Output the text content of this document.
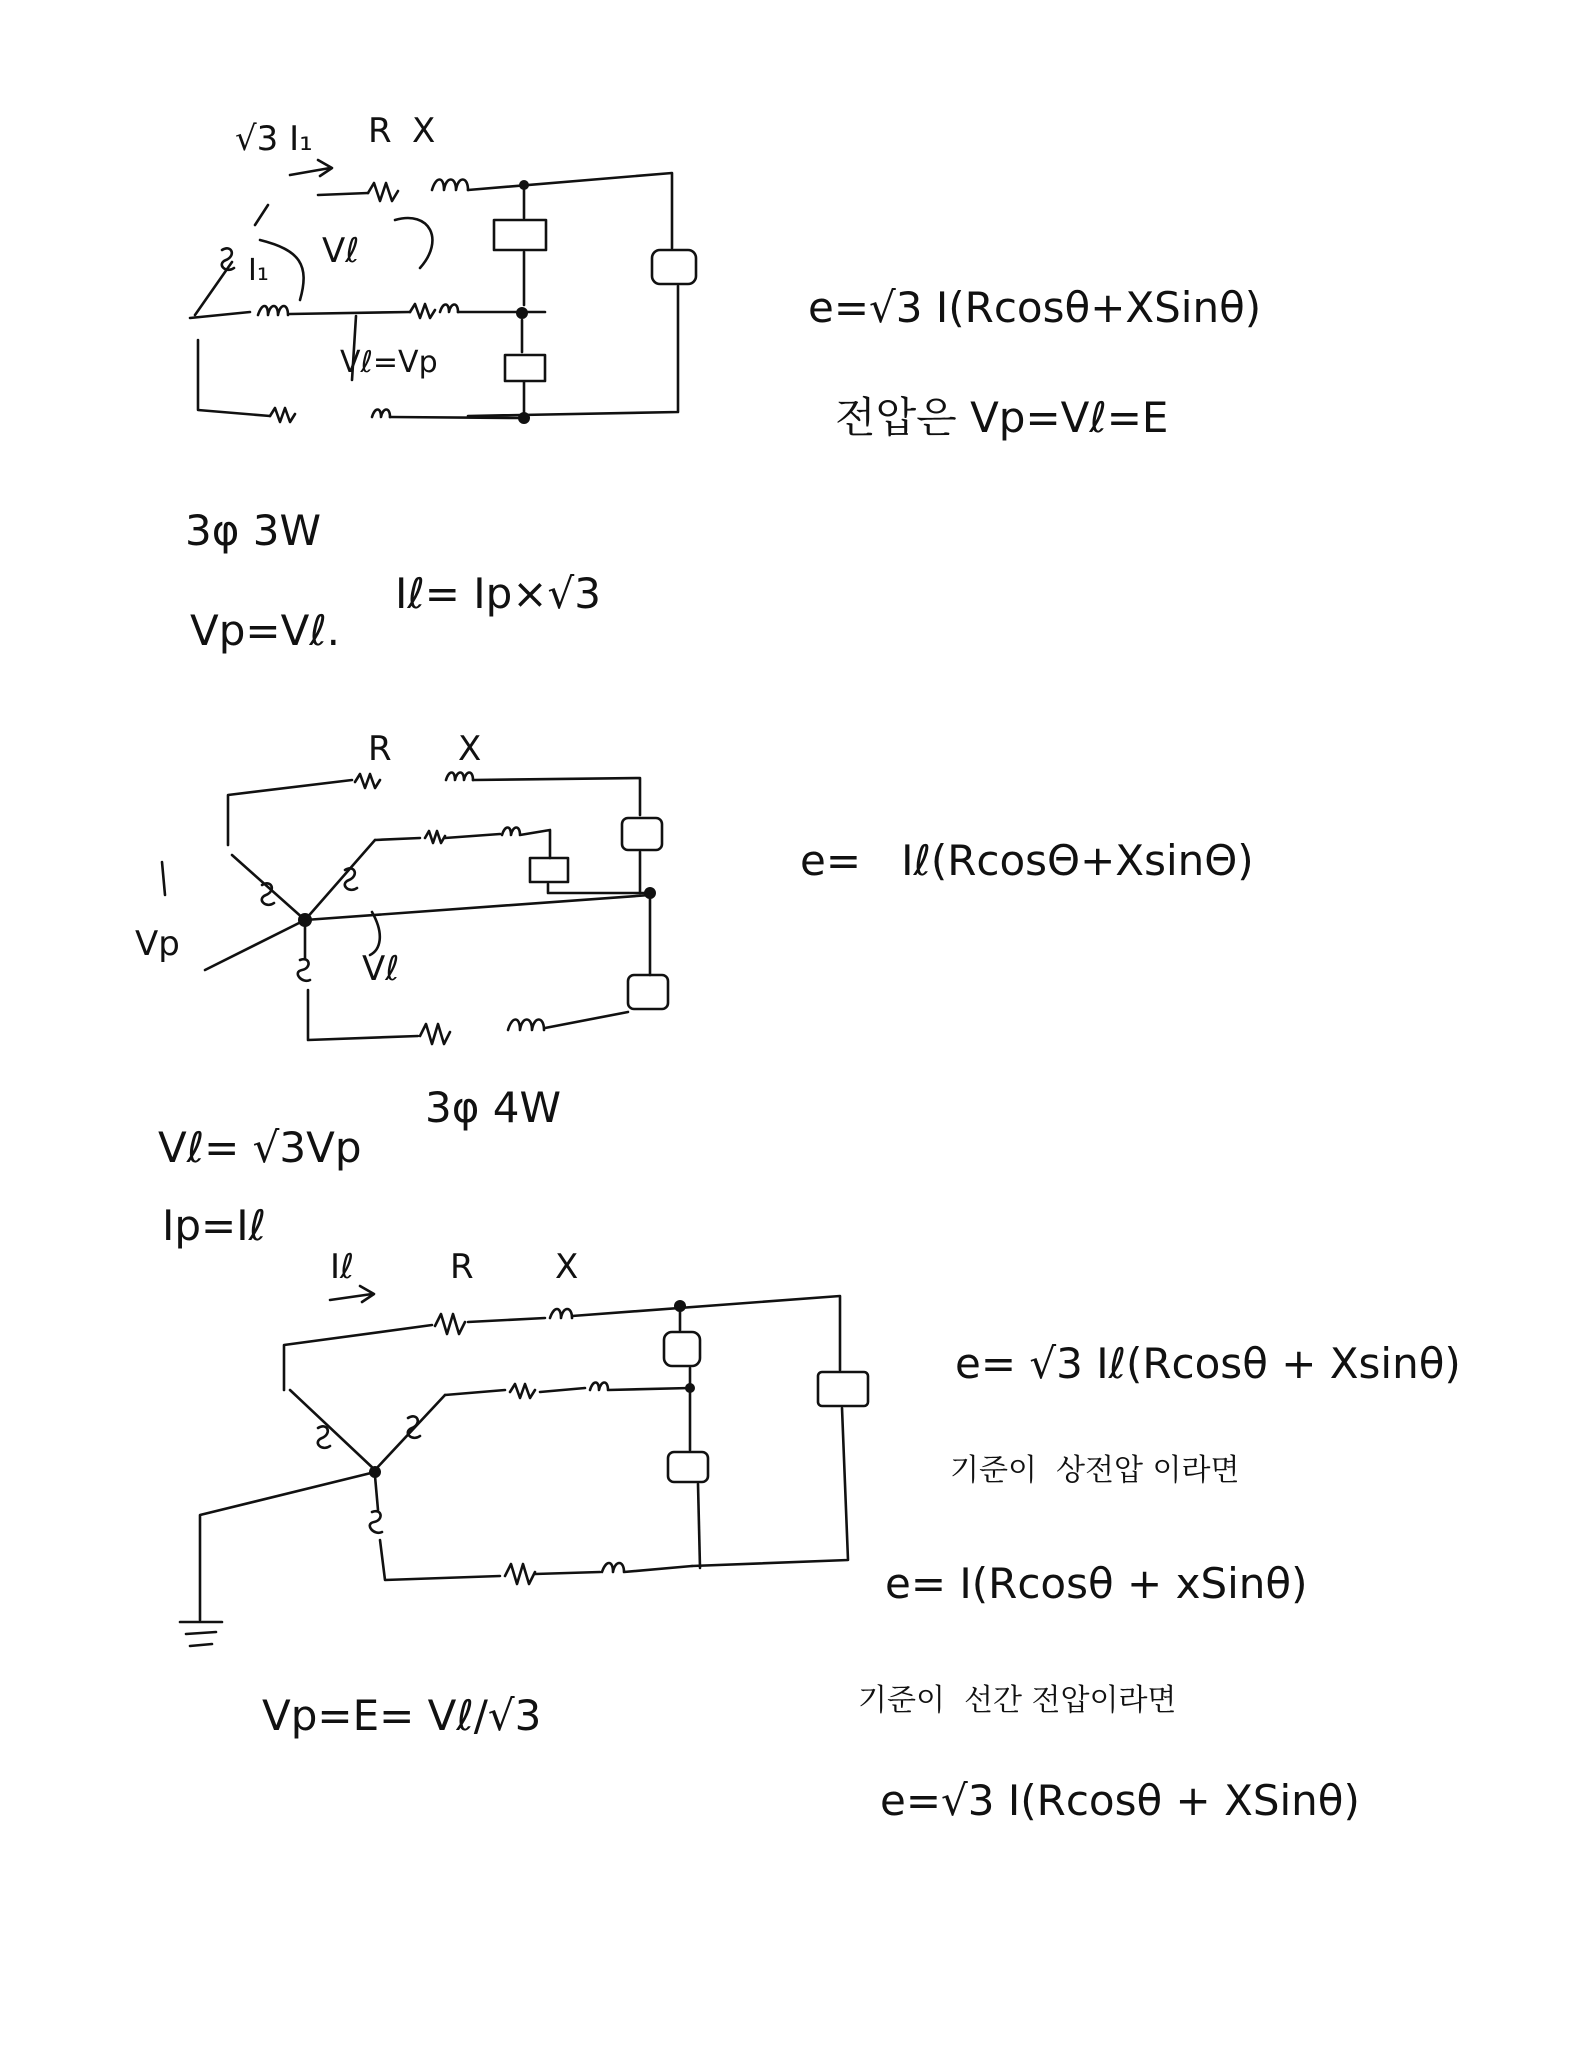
√3 I₁ R X
I₁ Vℓ
Vℓ=Vp
e=√3 I(Rcosθ+XSinθ)
전압은 Vp=Vℓ=E
3φ 3W
Vp=Vℓ.
Iℓ= Ip×√3
R X
Vp
Vℓ
3φ 4W
e=   Iℓ(RcosΘ+XsinΘ)
Vℓ= √3Vp
Ip=Iℓ
Iℓ	R X
Vp=E= Vℓ/√3
e= √3 Iℓ(Rcosθ + Xsinθ)
기준이  상전압 이라면
e= I(Rcosθ + xSinθ)
기준이  선간 전압이라면
e=√3 I(Rcosθ + XSinθ)
